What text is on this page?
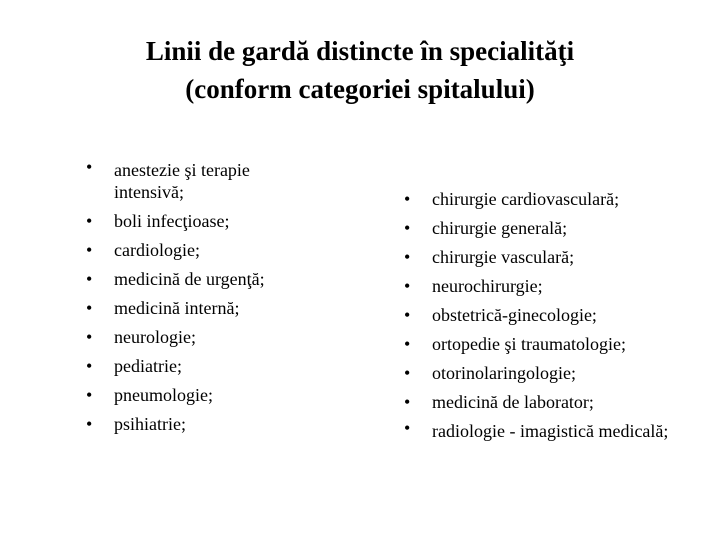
Linii de gardă distincte în specialităţi
(conform categoriei spitalului)
• anestezie şi terapie intensivă;
• boli infecţioase;
• cardiologie;
• medicină de urgenţă;
• medicină internă;
• neurologie;
• pediatrie;
• pneumologie;
• psihiatrie;
• chirurgie cardiovasculară;
• chirurgie generală;
• chirurgie vasculară;
• neurochirurgie;
• obstetrică-ginecologie;
• ortopedie şi traumatologie;
• otorinolaringologie;
• medicină de laborator;
• radiologie - imagistică medicală;
